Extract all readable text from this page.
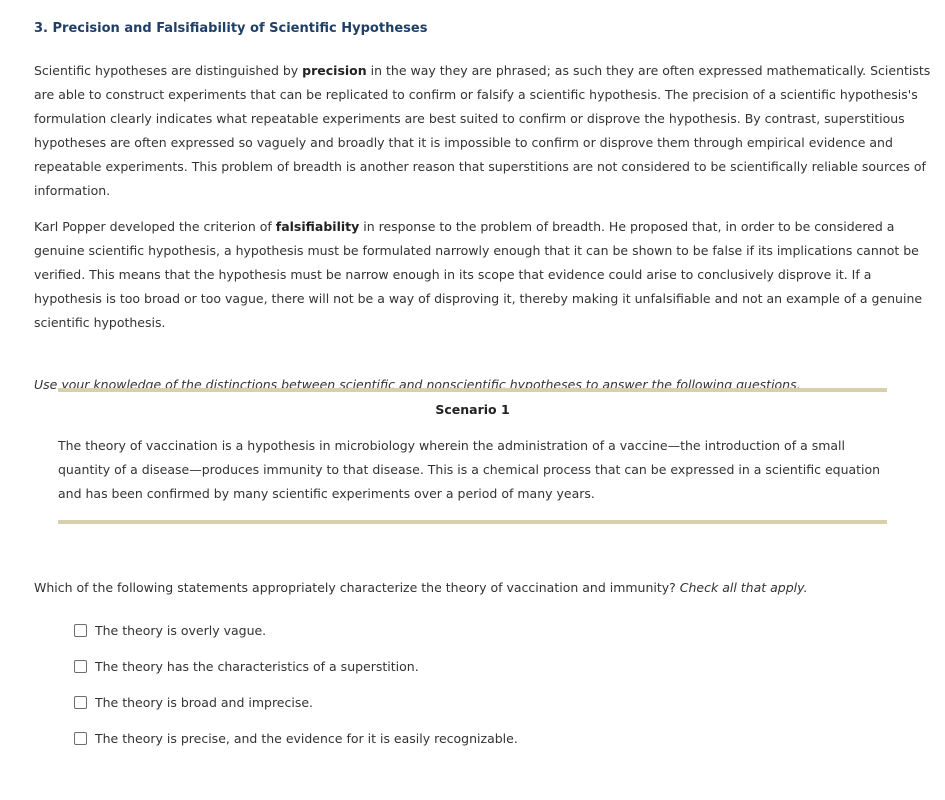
3. Precision and Falsifiability of Scientific Hypotheses

Scientific hypotheses are distinguished by precision in the way they are phrased; as such they are often expressed mathematically. Scientists are able to construct experiments that can be replicated to confirm or falsify a scientific hypothesis. The precision of a scientific hypothesis's formulation clearly indicates what repeatable experiments are best suited to confirm or disprove the hypothesis. By contrast, superstitious hypotheses are often expressed so vaguely and broadly that it is impossible to confirm or disprove them through empirical evidence and repeatable experiments. This problem of breadth is another reason that superstitions are not considered to be scientifically reliable sources of information.

Karl Popper developed the criterion of falsifiability in response to the problem of breadth. He proposed that, in order to be considered a genuine scientific hypothesis, a hypothesis must be formulated narrowly enough that it can be shown to be false if its implications cannot be verified. This means that the hypothesis must be narrow enough in its scope that evidence could arise to conclusively disprove it. If a hypothesis is too broad or too vague, there will not be a way of disproving it, thereby making it unfalsifiable and not an example of a genuine scientific hypothesis.

Use your knowledge of the distinctions between scientific and nonscientific hypotheses to answer the following questions.

Scenario 1

The theory of vaccination is a hypothesis in microbiology wherein the administration of a vaccine—the introduction of a small quantity of a disease—produces immunity to that disease. This is a chemical process that can be expressed in a scientific equation and has been confirmed by many scientific experiments over a period of many years.

Which of the following statements appropriately characterize the theory of vaccination and immunity? Check all that apply.

The theory is overly vague.
The theory has the characteristics of a superstition.
The theory is broad and imprecise.
The theory is precise, and the evidence for it is easily recognizable.
